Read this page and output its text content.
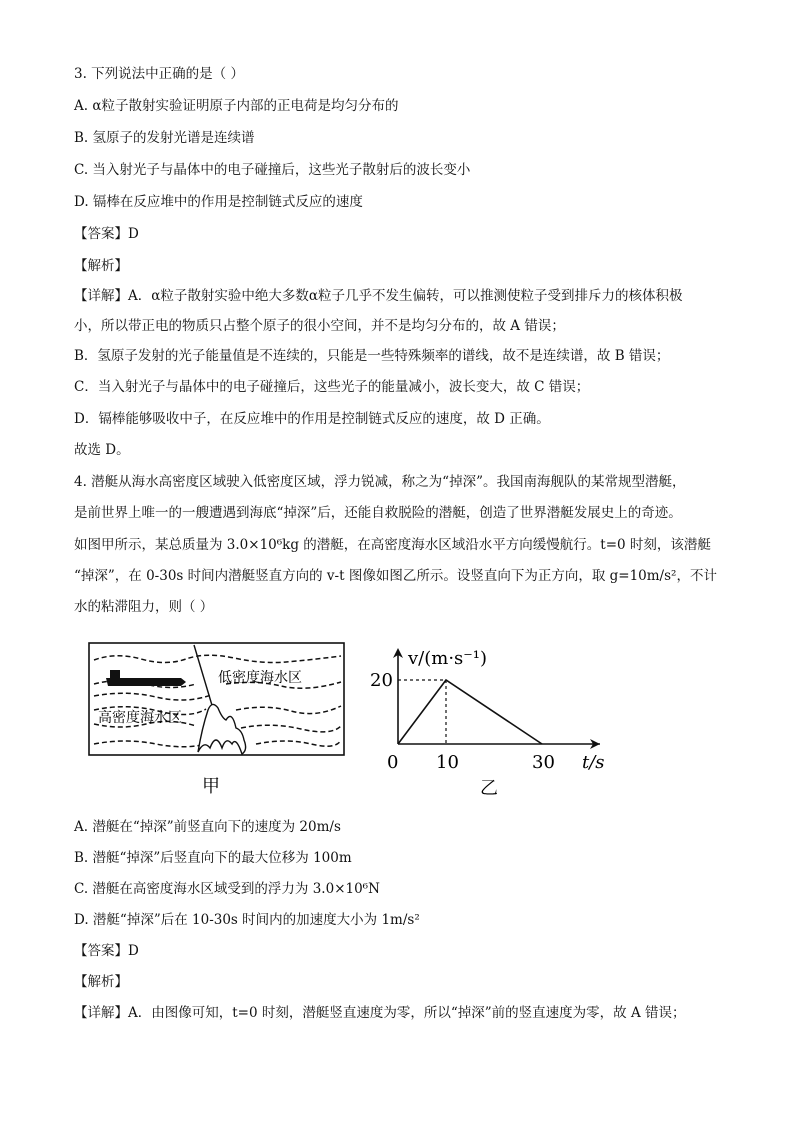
3. 下列说法中正确的是（ ）
A. α粒子散射实验证明原子内部的正电荷是均匀分布的
B. 氢原子的发射光谱是连续谱
C. 当入射光子与晶体中的电子碰撞后，这些光子散射后的波长变小
D. 镉棒在反应堆中的作用是控制链式反应的速度
【答案】D
【解析】
【详解】A．α粒子散射实验中绝大多数α粒子几乎不发生偏转，可以推测使粒子受到排斥力的核体积极
小，所以带正电的物质只占整个原子的很小空间，并不是均匀分布的，故 A 错误；
B．氢原子发射的光子能量值是不连续的，只能是一些特殊频率的谱线，故不是连续谱，故 B 错误；
C．当入射光子与晶体中的电子碰撞后，这些光子的能量减小，波长变大，故 C 错误；
D．镉棒能够吸收中子，在反应堆中的作用是控制链式反应的速度，故 D 正确。
故选 D。
4. 潜艇从海水高密度区域驶入低密度区域，浮力锐减，称之为“掉深”。我国南海舰队的某常规型潜艇，
是前世界上唯一的一艘遭遇到海底“掉深”后，还能自救脱险的潜艇，创造了世界潜艇发展史上的奇迹。
如图甲所示，某总质量为 3.0×10⁶kg 的潜艇，在高密度海水区域沿水平方向缓慢航行。t=0 时刻，该潜艇
“掉深”，在 0-30s 时间内潜艇竖直方向的 v-t 图像如图乙所示。设竖直向下为正方向，取 g=10m/s²，不计
水的粘滞阻力，则（ ）
低密度海水区
高密度海水区
甲
v/(m·s⁻¹)
t/s
0 10	30
20
乙
A. 潜艇在“掉深”前竖直向下的速度为 20m/s
B. 潜艇“掉深”后竖直向下的最大位移为 100m
C. 潜艇在高密度海水区域受到的浮力为 3.0×10⁶N
D. 潜艇“掉深”后在 10-30s 时间内的加速度大小为 1m/s²
【答案】D
【解析】
【详解】A．由图像可知，t=0 时刻，潜艇竖直速度为零，所以“掉深”前的竖直速度为零，故 A 错误；
